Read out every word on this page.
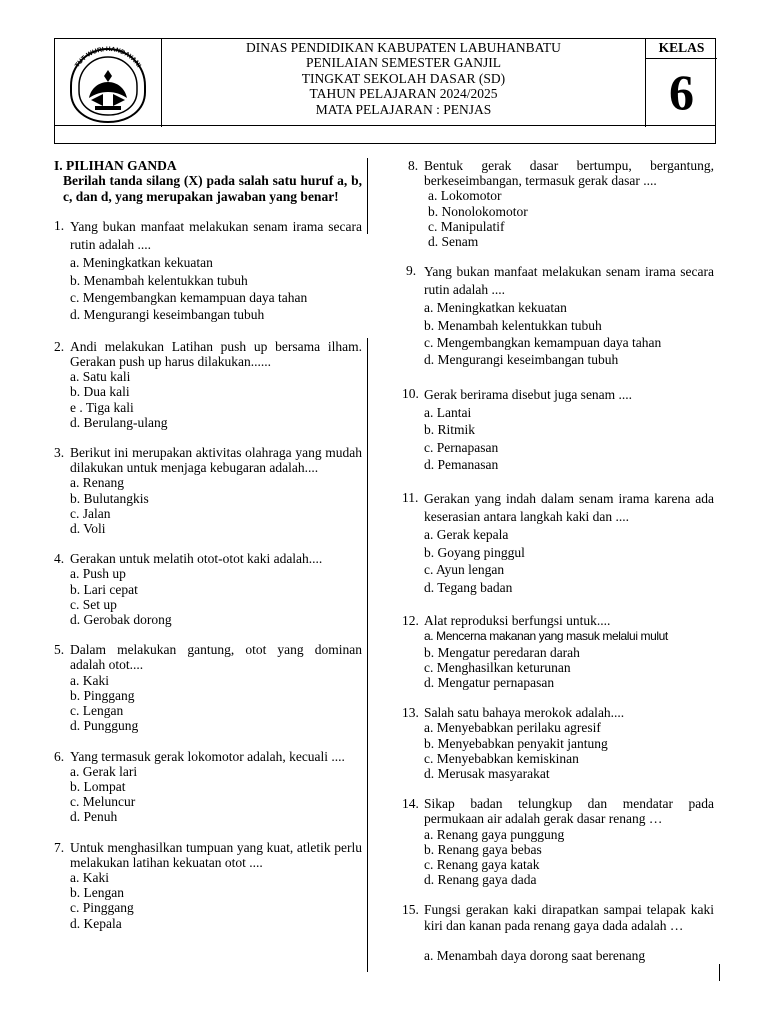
TUT WURI HANDAYANI
DINAS PENDIDIKAN KABUPATEN LABUHANBATU
PENILAIAN SEMESTER GANJIL
TINGKAT SEKOLAH DASAR (SD)
TAHUN PELAJARAN 2024/2025
MATA PELAJARAN : PENJAS
KELAS
6
I. PILIHAN GANDA
Berilah tanda silang (X) pada salah satu huruf a, b, c, dan d, yang merupakan jawaban yang benar!
1. Yang bukan manfaat melakukan senam irama secara rutin adalah ....
a. Meningkatkan kekuatan
b. Menambah kelentukkan tubuh
c. Mengembangkan kemampuan daya tahan
d. Mengurangi keseimbangan tubuh
2. Andi melakukan Latihan push up bersama ilham. Gerakan push up harus dilakukan......
a. Satu kali
b. Dua kali
e . Tiga kali
d. Berulang-ulang
3. Berikut ini merupakan aktivitas olahraga yang mudah dilakukan untuk menjaga kebugaran adalah....
a. Renang
b. Bulutangkis
c. Jalan
d. Voli
4. Gerakan untuk melatih otot-otot kaki adalah....
a. Push up
b. Lari cepat
c. Set up
d. Gerobak dorong
5. Dalam melakukan gantung, otot yang dominan adalah otot....
a. Kaki
b. Pinggang
c. Lengan
d. Punggung
6. Yang termasuk gerak lokomotor adalah, kecuali ....
a. Gerak lari
b. Lompat
c. Meluncur
d. Penuh
7. Untuk menghasilkan tumpuan yang kuat, atletik perlu melakukan latihan kekuatan otot ....
a. Kaki
b. Lengan
c. Pinggang
d. Kepala
8. Bentuk gerak dasar bertumpu, bergantung, berkeseimbangan, termasuk gerak dasar ....
a. Lokomotor
b. Nonolokomotor
c. Manipulatif
d. Senam
9. Yang bukan manfaat melakukan senam irama secara rutin adalah ....
a. Meningkatkan kekuatan
b. Menambah kelentukkan tubuh
c. Mengembangkan kemampuan daya tahan
d. Mengurangi keseimbangan tubuh
10. Gerak berirama disebut juga senam ....
a. Lantai
b. Ritmik
c. Pernapasan
d. Pemanasan
11. Gerakan yang indah dalam senam irama karena ada keserasian antara langkah kaki dan ....
a. Gerak kepala
b. Goyang pinggul
c. Ayun lengan
d. Tegang badan
12. Alat reproduksi berfungsi untuk....
a. Mencerna makanan yang masuk melalui mulut
b. Mengatur peredaran darah
c. Menghasilkan keturunan
d. Mengatur pernapasan
13. Salah satu bahaya merokok adalah....
a. Menyebabkan perilaku agresif
b. Menyebabkan penyakit jantung
c. Menyebabkan kemiskinan
d. Merusak masyarakat
14. Sikap badan telungkup dan mendatar pada permukaan air adalah gerak dasar renang …
a. Renang gaya punggung
b. Renang gaya bebas
c. Renang gaya katak
d. Renang gaya dada
15. Fungsi gerakan kaki dirapatkan sampai telapak kaki kiri dan kanan pada renang gaya dada adalah …
a. Menambah daya dorong saat berenang
